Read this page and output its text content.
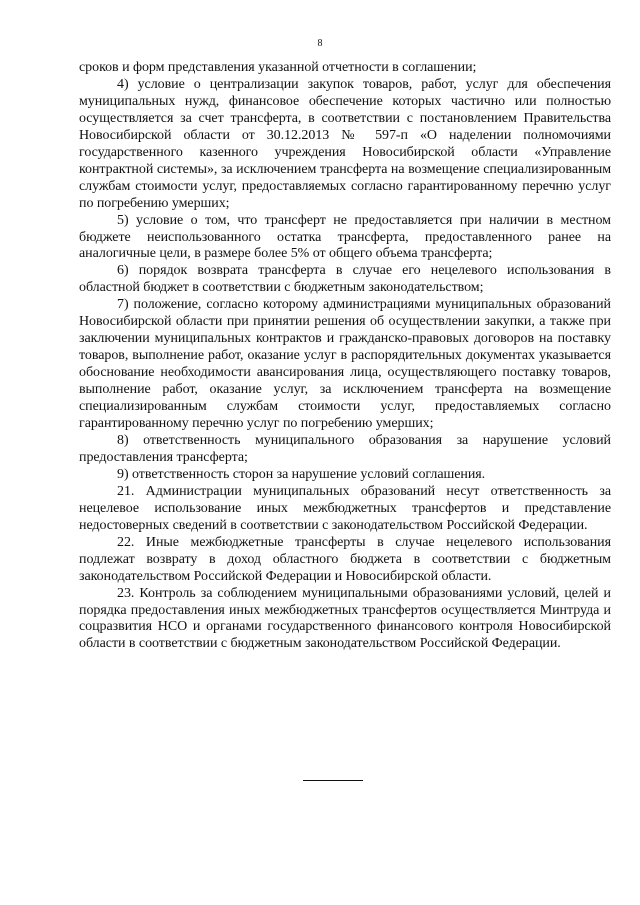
8

сроков и форм представления указанной отчетности в соглашении;

4) условие о централизации закупок товаров, работ, услуг для обеспечения муниципальных нужд, финансовое обеспечение которых частично или полностью осуществляется за счет трансферта, в соответствии с постановлением Правительства Новосибирской области от 30.12.2013 № 597-п «О наделении полномочиями государственного казенного учреждения Новосибирской области «Управление контрактной системы», за исключением трансферта на возмещение специализированным службам стоимости услуг, предоставляемых согласно гарантированному перечню услуг по погребению умерших;

5) условие о том, что трансферт не предоставляется при наличии в местном бюджете неиспользованного остатка трансферта, предоставленного ранее на аналогичные цели, в размере более 5% от общего объема трансферта;

6) порядок возврата трансферта в случае его нецелевого использования в областной бюджет в соответствии с бюджетным законодательством;

7) положение, согласно которому администрациями муниципальных образований Новосибирской области при принятии решения об осуществлении закупки, а также при заключении муниципальных контрактов и гражданско-правовых договоров на поставку товаров, выполнение работ, оказание услуг в распорядительных документах указывается обоснование необходимости авансирования лица, осуществляющего поставку товаров, выполнение работ, оказание услуг, за исключением трансферта на возмещение специализированным службам стоимости услуг, предоставляемых согласно гарантированному перечню услуг по погребению умерших;

8) ответственность муниципального образования за нарушение условий предоставления трансферта;

9) ответственность сторон за нарушение условий соглашения.

21. Администрации муниципальных образований несут ответственность за нецелевое использование иных межбюджетных трансфертов и представление недостоверных сведений в соответствии с законодательством Российской Федерации.

22. Иные межбюджетные трансферты в случае нецелевого использования подлежат возврату в доход областного бюджета в соответствии с бюджетным законодательством Российской Федерации и Новосибирской области.

23. Контроль за соблюдением муниципальными образованиями условий, целей и порядка предоставления иных межбюджетных трансфертов осуществляется Минтруда и соцразвития НСО и органами государственного финансового контроля Новосибирской области в соответствии с бюджетным законодательством Российской Федерации.
